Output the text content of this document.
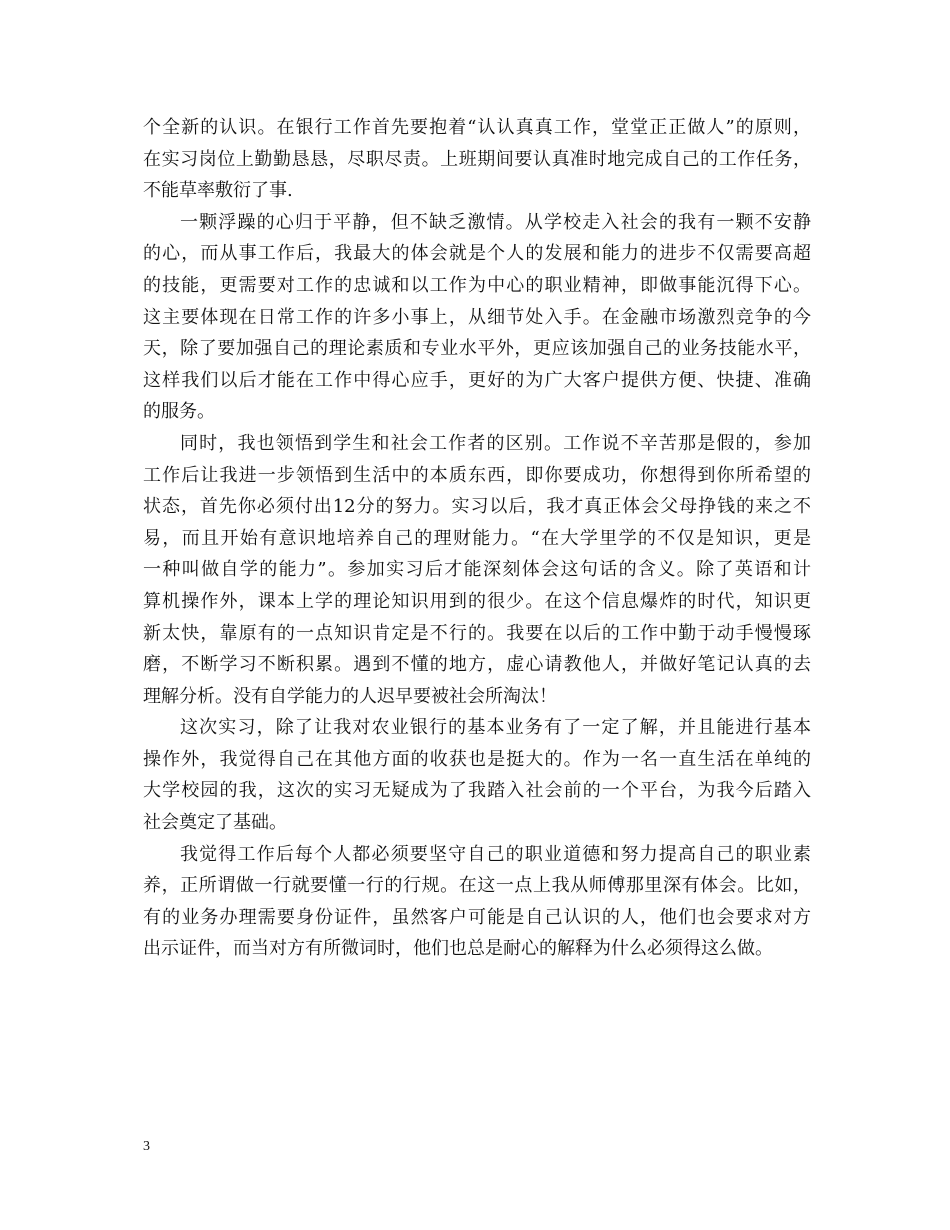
个全新的认识。在银行工作首先要抱着“认认真真工作，堂堂正正做人”的原则，
在实习岗位上勤勤恳恳，尽职尽责。上班期间要认真准时地完成自己的工作任务，
不能草率敷衍了事.
一颗浮躁的心归于平静，但不缺乏激情。从学校走入社会的我有一颗不安静
的心，而从事工作后，我最大的体会就是个人的发展和能力的进步不仅需要高超
的技能，更需要对工作的忠诚和以工作为中心的职业精神，即做事能沉得下心。
这主要体现在日常工作的许多小事上，从细节处入手。在金融市场激烈竞争的今
天，除了要加强自己的理论素质和专业水平外，更应该加强自己的业务技能水平，
这样我们以后才能在工作中得心应手，更好的为广大客户提供方便、快捷、准确
的服务。
同时，我也领悟到学生和社会工作者的区别。工作说不辛苦那是假的，参加
工作后让我进一步领悟到生活中的本质东西，即你要成功，你想得到你所希望的
状态，首先你必须付出12分的努力。实习以后，我才真正体会父母挣钱的来之不
易，而且开始有意识地培养自己的理财能力。“在大学里学的不仅是知识，更是
一种叫做自学的能力”。参加实习后才能深刻体会这句话的含义。除了英语和计
算机操作外，课本上学的理论知识用到的很少。在这个信息爆炸的时代，知识更
新太快，靠原有的一点知识肯定是不行的。我要在以后的工作中勤于动手慢慢琢
磨，不断学习不断积累。遇到不懂的地方，虚心请教他人，并做好笔记认真的去
理解分析。没有自学能力的人迟早要被社会所淘汰！
这次实习，除了让我对农业银行的基本业务有了一定了解，并且能进行基本
操作外，我觉得自己在其他方面的收获也是挺大的。作为一名一直生活在单纯的
大学校园的我，这次的实习无疑成为了我踏入社会前的一个平台，为我今后踏入
社会奠定了基础。
我觉得工作后每个人都必须要坚守自己的职业道德和努力提高自己的职业素
养，正所谓做一行就要懂一行的行规。在这一点上我从师傅那里深有体会。比如，
有的业务办理需要身份证件，虽然客户可能是自己认识的人，他们也会要求对方
出示证件，而当对方有所微词时，他们也总是耐心的解释为什么必须得这么做。
3
